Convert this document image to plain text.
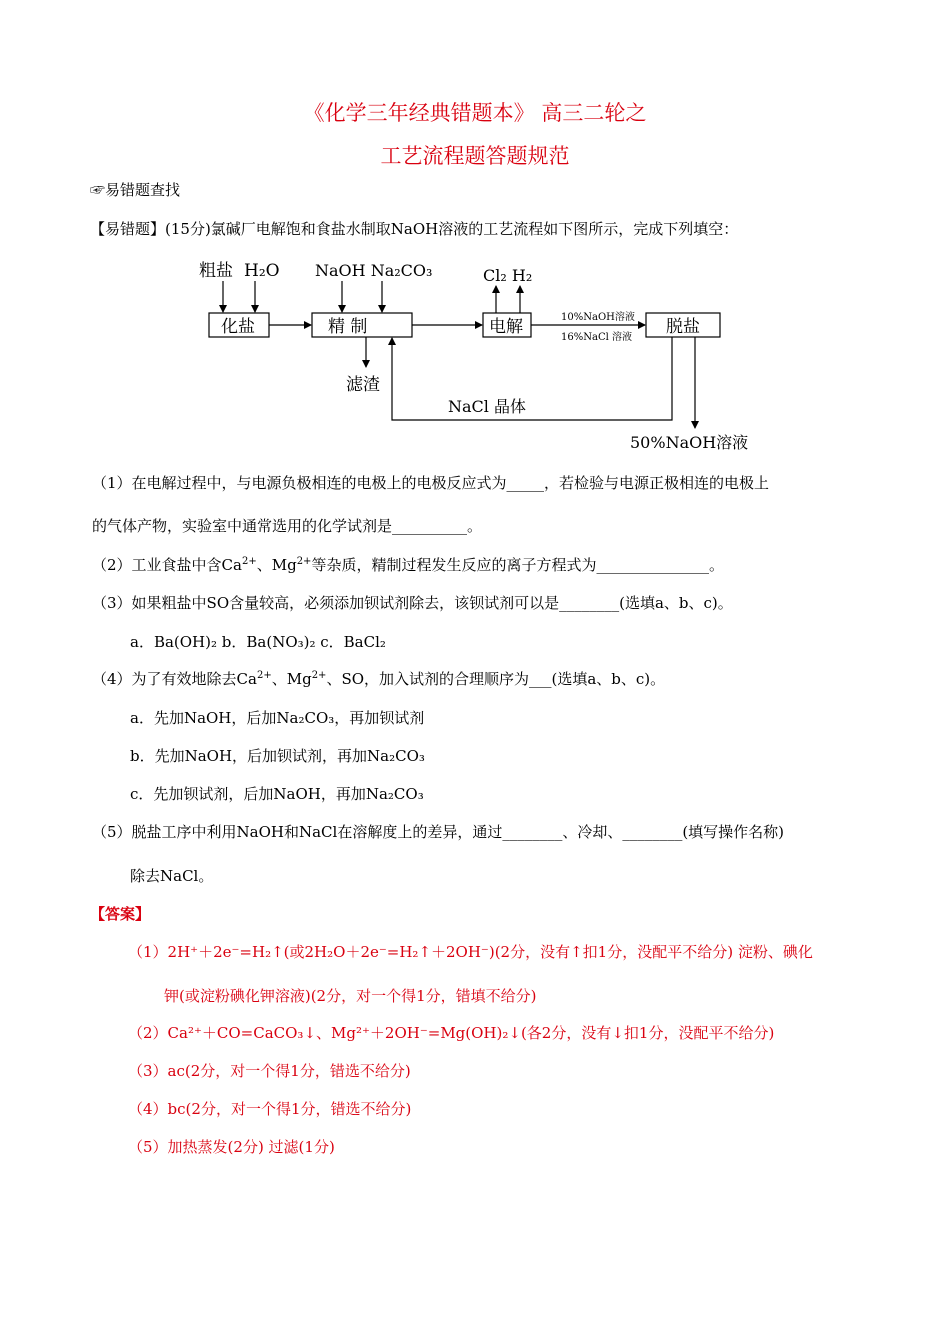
《化学三年经典错题本》 高三二轮之
工艺流程题答题规范
☞易错题查找
【易错题】(15分)氯碱厂电解饱和食盐水制取NaOH溶液的工艺流程如下图所示，完成下列填空：
粗盐 H₂O NaOH Na₂CO₃	Cl₂ H₂
化盐	精 制	电解	脱盐
10%NaOH溶液
16%NaCl 溶液
滤渣
NaCl 晶体
50%NaOH溶液
（1）在电解过程中，与电源负极相连的电极上的电极反应式为_____，若检验与电源正极相连的电极上
的气体产物，实验室中通常选用的化学试剂是__________。
（2）工业食盐中含$Ca^{2+}$、$Mg^{2+}$等杂质，精制过程发生反应的离子方程式为_______________。
（3）如果粗盐中SO含量较高，必须添加钡试剂除去，该钡试剂可以是________(选填a、b、c)。
a．Ba(OH)₂ b．Ba(NO₃)₂ c．BaCl₂
（4）为了有效地除去$Ca^{2+}$、$Mg^{2+}$、SO，加入试剂的合理顺序为___(选填a、b、c)。
a．先加NaOH，后加Na₂CO₃，再加钡试剂
b．先加NaOH，后加钡试剂，再加Na₂CO₃
c．先加钡试剂，后加NaOH，再加Na₂CO₃
（5）脱盐工序中利用NaOH和NaCl在溶解度上的差异，通过________、冷却、________(填写操作名称)
除去NaCl。
【答案】
（1）2H⁺＋2e⁻=H₂↑(或2H₂O＋2e⁻=H₂↑＋2OH⁻)(2分，没有↑扣1分，没配平不给分) 淀粉、碘化
钾(或淀粉碘化钾溶液)(2分，对一个得1分，错填不给分)
（2）Ca²⁺＋CO=CaCO₃↓、Mg²⁺＋2OH⁻=Mg(OH)₂↓(各2分，没有↓扣1分，没配平不给分)
（3）ac(2分，对一个得1分，错选不给分)
（4）bc(2分，对一个得1分，错选不给分)
（5）加热蒸发(2分) 过滤(1分)
